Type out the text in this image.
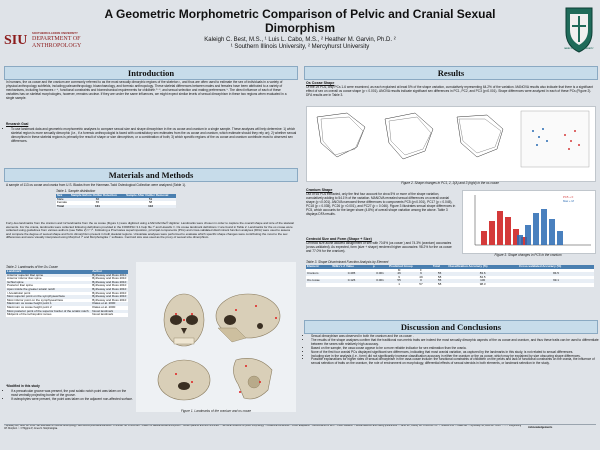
SIU	SOUTHERN ILLINOIS UNIVERSITY
DEPARTMENT OF
ANTHROPOLOGY
A Geometric Morphometric Comparison of Pelvic and Cranial Sexual
Dimorphism
Kaleigh C. Best, M.S., ¹ Luis L. Cabo, M.S., ² Heather M. Garvin, Ph.D. ²
¹ Southern Illinois University, ² Mercyhurst University	MERCYHURST UNIVERSITY
Introduction
In humans, the os coxae and the cranium are commonly referred to as the most sexually dimorphic regions of the skeleton ¹, and thus are often used to estimate the sex of individuals in a variety of physical anthropology subfields, including paleoanthropology, bioarchaeology, and forensic anthropology. These skeletal differences between males and females have been attributed to a variety of mechanisms, including hormones ²⁻⁴, functional constraints and biomechanical requirements for childbirth ⁵⁻⁸, and sexual selection and mating preferences ⁹. The direct influence of each of these variables has on skeletal morphologies, however, remains unclear. If they are under the same influences, we might expect similar levels of sexual dimorphism in these two regions when evaluated in a single sample.
Research Goal
• To use landmark data and geometric morphometric analyses to compare sexual size and shape dimorphism in the os coxae and cranium in a single sample. These analyses will help determine: 1) which skeletal region is more sexually dimorphic (i.e., if a forensic anthropologist is faced with contradictory sex estimates from the os coxae and cranium, which estimate should they rely on); 2) whether sexual dimorphism in these skeletal regions is primarily the result of shape or size dimorphism, or a combination of both; 3) which specific regions of the os coxae and cranium contribute most to observed sex differences.
Materials and Methods
A sample of 113 os coxae and crania from U.S. Blacks from the Hamman-Todd Osteological Collection were analyzed (Table 1).
Table 1. Sample distribution
Sex	Sample Before Outlier Detection	Sample After Outlier Removal
Male	66	53
Female	65	58
Total	131	113
Forty-two landmarks from the cranium and 12 landmarks from the os coxae (Figure 1) were digitized using a MicroScribe® digitizer. Landmarks were chosen in order to capture the overall shape and size of the skeletal elements. For the crania, landmarks were collected following definitions provided in the FORDISC 3.1 help file ¹⁰ and Howells ¹¹. Os coxae landmark definitions ¹² are found in Table 2. Landmarks for the os coxae were collected using guidelines from various authors (see Table 2) ¹³⁻¹⁵. Following a Procrustes superimposition, principal components (PCs) and cross-validated discriminant function analyses (DFA) were used to assess and compare the degree of sexual shape and form dimorphism present in both skeletal regions. Univariate analyses were performed to evaluate which specific shape changes were contributing the most to the sex differences and were visually interpreted using MorphoJ ¹⁶ and Morphologika ¹⁷ software. Centroid size was used as the proxy of sexual size dimorphism.
Table 2. Landmarks of the Os Coxae
Landmark	Author
Anterior superior iliac spine	Bytheway and Ross 2010
Anterior inferior iliac spine	Bytheway and Ross 2010
Ischial spine	Bytheway and Ross 2010
Posterior iliac spine	Bytheway and Ross 2010
Apex inside the greater sciatic notch	Bytheway and Ross 2010
¹ Acetabular point	Bytheway and Ross 2010
Most superior point on the symphyseal face	Bytheway and Ross 2010
Most inferior point on the symphyseal face	Bytheway and Ross 2010
Maximum os coxae height point 1	Klales et al. 2000
Maximum os coxae height point 2	Klales et al. 2000
Most posterior point of the superior border of the sciatic notch	Novel landmark
Midpoint of the ischiopubic ramus	Novel landmark
¹Modified in this study
• If a preauricular groove was present, the post sciatic notch point was taken on the most ventrally projecting border of the groove.
• If osteophytes were present, the point was taken on the adjacent non-affected surface.
Figure 1. Landmarks of the cranium and os coxae
Results
Os Coxae Shape
Of the 29 PCs, only PCs 1-6 were examined, as each explained at least 5% of the shape variation, cumulatively representing 64.2% of the variation. MANOVA results also indicate that there is a significant effect of sex on overall os coxae shape (p < 0.001). ANOVA results indicate significant sex differences in PC1, PC2, and PC3 (p<0.001). Shape differences were analyzed in each of these PCs (Figure 2). DFA results are in Table 3.
Figure 2. Shape changes in PC1, 2, 3(A) and 3 (right) in the os coxae
Cranium Shape
Out of 64 PCs extracted, only the first four account for circa 5% or more of the shape variation, cumulatively adding to 54.1% of the variation. MANOVA revealed sexual differences on overall cranial shape (p <0.001). ANOVA narrowed these differences to components PC5 (p<0.001), PC17 (p = 0.045), PC18 (p = 0.035), PC26 (p <0.001), and PC27 (p = 0.046). Figure 3 illustrates sexual shape differences in PC5, which accounts for the larger share (4.8%) of overall shape variation among the above. Table 3 displays DFA results.
Centroid Size and Form (Shape + Size)
Centroid size alone allowed assignment of sex with 70.8% (os coxae ) and 74.3% (cranium) accuracies (cross-validated). As expected, form (size + shape) rendered higher accuracies: 98.2% for the os coxae and 77.0% for the cranium).
PC5 + F
Max + M
Figure 3. Shape changes in PC5 in the cranium
Table 3. Shape Discriminant Function Analysis by Element
Element	Wilks's Λ Value	p	Predicted Group		Total	Classification Accuracy (%)	Cross-validated Accuracy (%)
			M	F			
Cranium	0.495	0.001	46	9	55	83.6	84.5
			9	49	58	84.5	
Os coxae	0.126	0.001	55	0	55	100	99.1
			1	57	58	98.3	
Discussion and Conclusions
• Sexual dimorphism was observed in both the cranium and the os coxae .
• The results of the shape analyses confirm that the traditional non-metric traits are indeed the most sexually dimorphic aspects of the os coxae and cranium, and thus these traits can be used to differentiate between the sexes with relatively high accuracy.
• Based on the sample, the ossa coxae appear to be a more reliable indicator for sex estimation than the crania.
• None of the first four cranial PCs displayed significant sex differences, indicating that most cranial variation, as captured by the landmarks in this study, is not related to sexual differences.
• Including size in the analysis (i.e., form) did not significantly increase classification accuracy in either the cranium or the os coxae, which may be explained by size obscuring shape differences.
• Possible explanations for higher rates of sexual dimorphism in the ossa coxae include: the functional constraints of childbirth on the pelvis and lack of functional constraints on the crania, the influence of sexual selection of traits on the cranium, the role of environment on morphology, differential effects of sexual steroids in both elements, or landmark selection in the study.
¹ Spradley MK, Jantz RL. 2011. Sex estimation in forensic anthropology: skull versus postcranial elements. J Forensic Sci 56:289-296. ² Pattern of skeletal sexual dimorphism. ³ Growth patterns and sex hormones. ⁴ Hormonal influence on pelvic morphology. ⁵ Obstetrical constraints. ⁶ Pelvic adaptation. ⁷ Biomechanics of birth. ⁸ Pelvic variation. ⁹ Sexual selection and mating preferences. ¹⁰ Jantz RL, Ousley SD. FORDISC 3.1. ¹¹ Howells WW. ¹² Klales AR. ¹³ Bytheway JA, Ross AH. 2010. ¹⁴ ¹⁵ ¹⁶ Klingenberg CP. MorphoJ. ¹⁷ O'Higgins P, Jones N. Morphologika.	Acknowledgements
